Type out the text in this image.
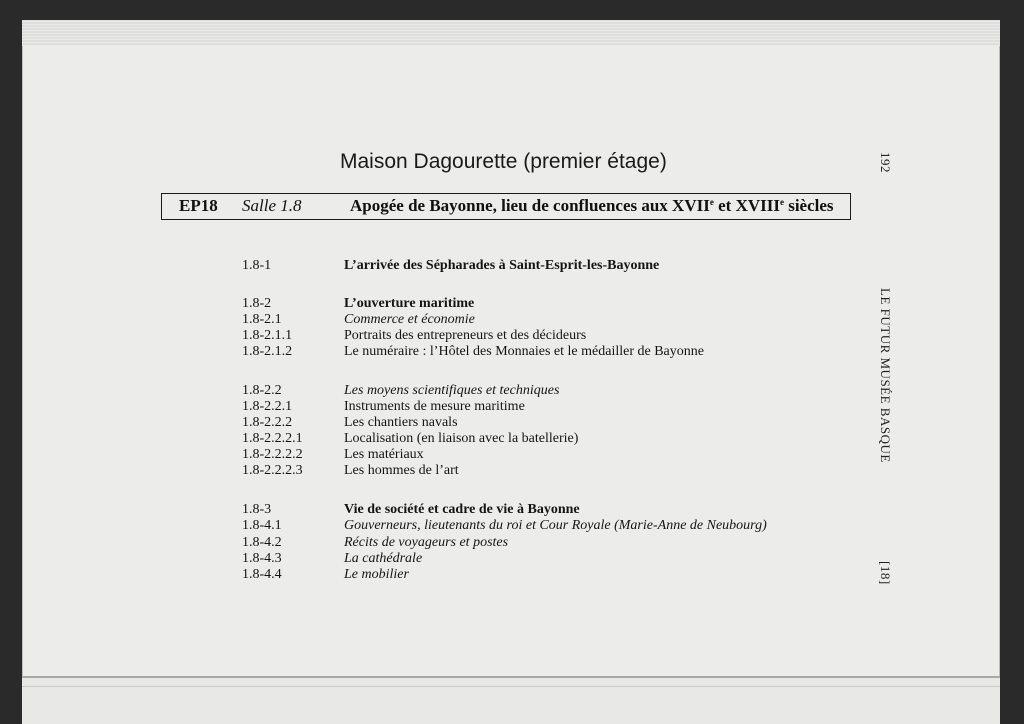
Maison Dagourette (premier étage)
EP18 Salle 1.8	Apogée de Bayonne, lieu de confluences aux XVIIe et XVIIIe siècles
1.8-1	L’arrivée des Sépharades à Saint-Esprit-les-Bayonne
1.8-2	L’ouverture maritime
1.8-2.1	Commerce et économie
1.8-2.1.1	Portraits des entrepreneurs et des décideurs
1.8-2.1.2	Le numéraire : l’Hôtel des Monnaies et le médailler de Bayonne
1.8-2.2	Les moyens scientifiques et techniques
1.8-2.2.1	Instruments de mesure maritime
1.8-2.2.2	Les chantiers navals
1.8-2.2.2.1	Localisation (en liaison avec la batellerie)
1.8-2.2.2.2	Les matériaux
1.8-2.2.2.3	Les hommes de l’art
1.8-3	Vie de société et cadre de vie à Bayonne
1.8-4.1	Gouverneurs, lieutenants du roi et Cour Royale (Marie-Anne de Neubourg)
1.8-4.2	Récits de voyageurs et postes
1.8-4.3	La cathédrale
1.8-4.4	Le mobilier
192
LE FUTUR MUSÉE BASQUE
[18]
